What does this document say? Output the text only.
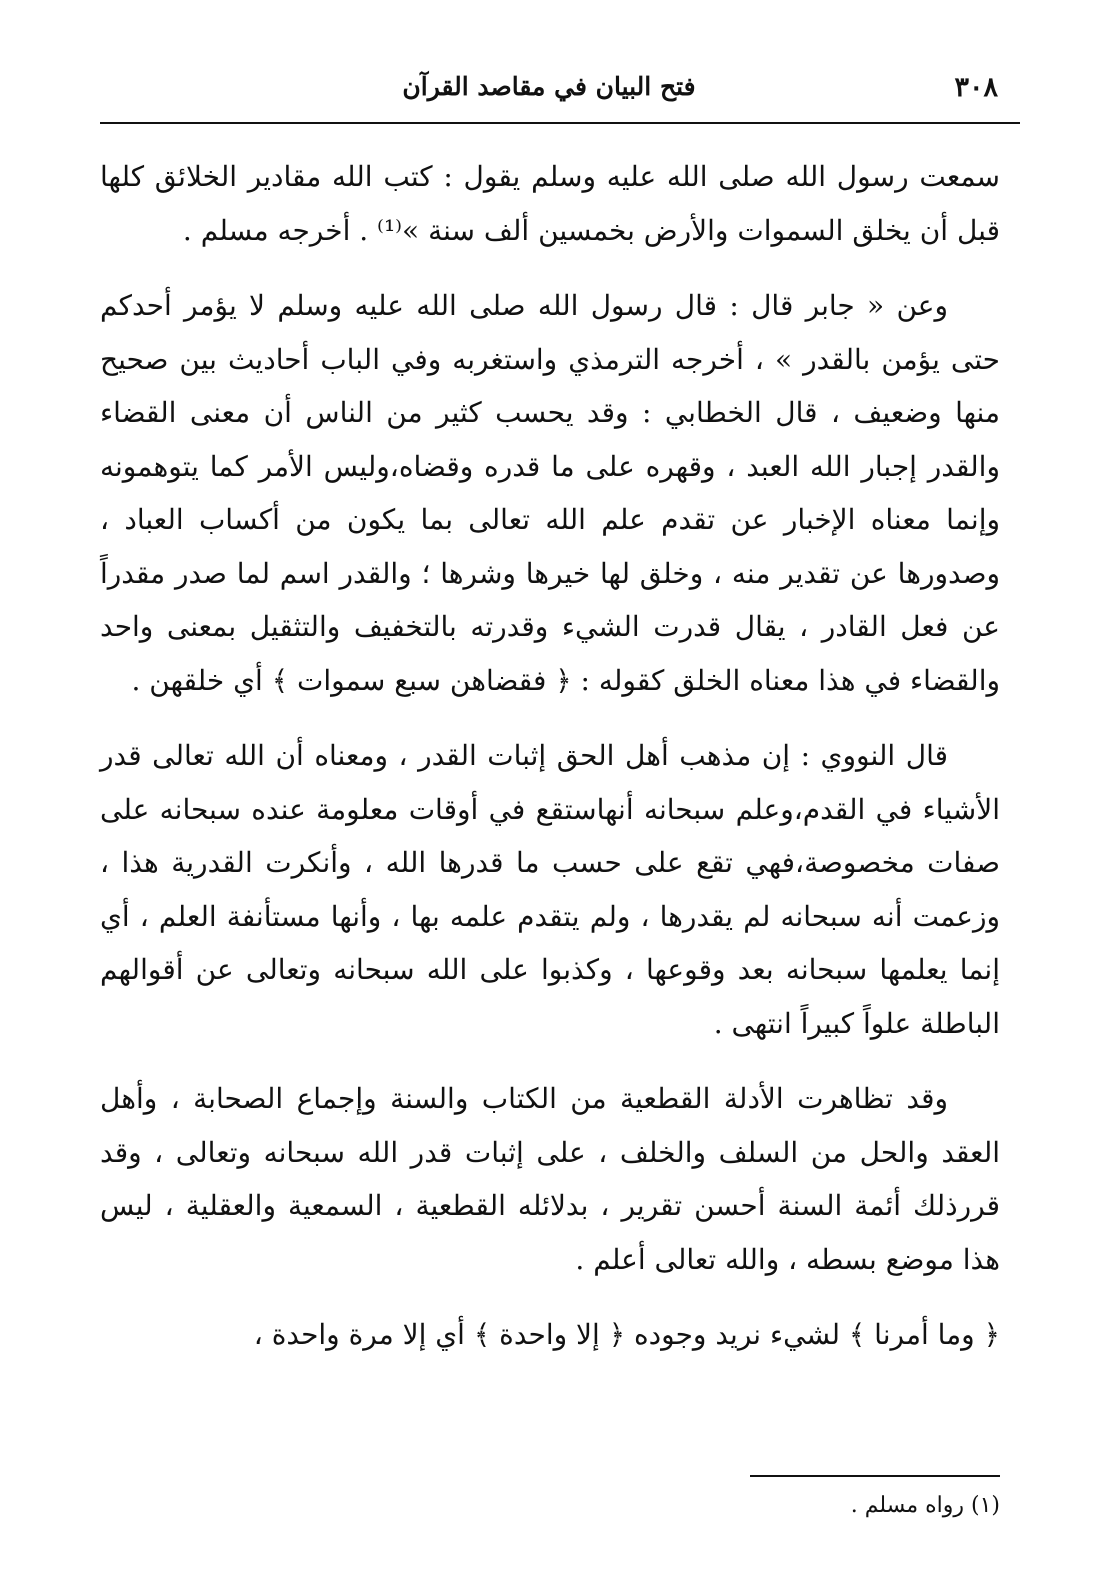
٣٠٨
فتح البيان في مقاصد القرآن

سمعت رسول الله صلى الله عليه وسلم يقول : كتب الله مقادير الخلائق كلها قبل أن يخلق السموات والأرض بخمسين ألف سنة »⁽¹⁾ . أخرجه مسلم .

وعن « جابر قال : قال رسول الله صلى الله عليه وسلم لا يؤمر أحدكم حتى يؤمن بالقدر » ، أخرجه الترمذي واستغربه وفي الباب أحاديث بين صحيح منها وضعيف ، قال الخطابي : وقد يحسب كثير من الناس أن معنى القضاء والقدر إجبار الله العبد ، وقهره على ما قدره وقضاه،وليس الأمر كما يتوهمونه وإنما معناه الإخبار عن تقدم علم الله تعالى بما يكون من أكساب العباد ، وصدورها عن تقدير منه ، وخلق لها خيرها وشرها ؛ والقدر اسم لما صدر مقدراً عن فعل القادر ، يقال قدرت الشيء وقدرته بالتخفيف والتثقيل بمعنى واحد والقضاء في هذا معناه الخلق كقوله : ﴿ فقضاهن سبع سموات ﴾ أي خلقهن .

قال النووي : إن مذهب أهل الحق إثبات القدر ، ومعناه أن الله تعالى قدر الأشياء في القدم،وعلم سبحانه أنهاستقع في أوقات معلومة عنده سبحانه على صفات مخصوصة،فهي تقع على حسب ما قدرها الله ، وأنكرت القدرية هذا ، وزعمت أنه سبحانه لم يقدرها ، ولم يتقدم علمه بها ، وأنها مستأنفة العلم ، أي إنما يعلمها سبحانه بعد وقوعها ، وكذبوا على الله سبحانه وتعالى عن أقوالهم الباطلة علواً كبيراً انتهى .

وقد تظاهرت الأدلة القطعية من الكتاب والسنة وإجماع الصحابة ، وأهل العقد والحل من السلف والخلف ، على إثبات قدر الله سبحانه وتعالى ، وقد قررذلك أئمة السنة أحسن تقرير ، بدلائله القطعية ، السمعية والعقلية ، ليس هذا موضع بسطه ، والله تعالى أعلم .

﴿ وما أمرنا ﴾ لشيء نريد وجوده ﴿ إلا واحدة ﴾ أي إلا مرة واحدة ،

(١) رواه مسلم .
